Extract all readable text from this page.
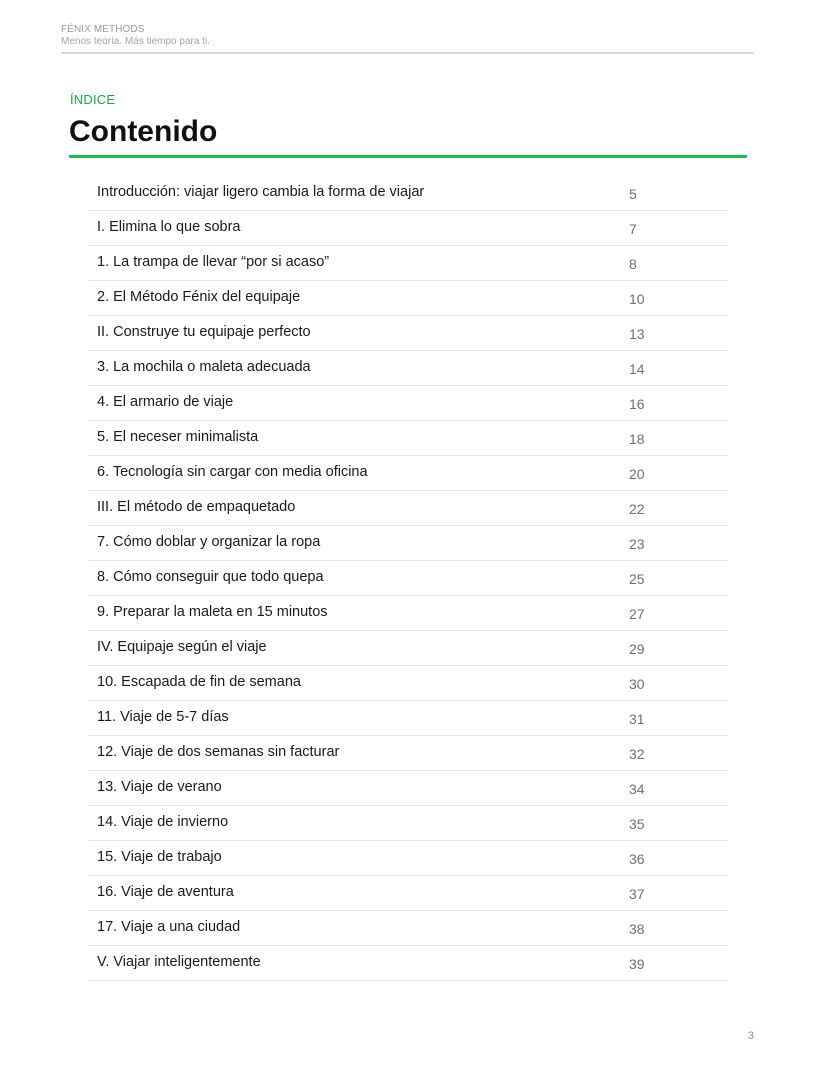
FÉNIX METHODS
Menos teoría. Más tiempo para ti.
ÍNDICE
Contenido
Introducción: viajar ligero cambia la forma de viajar	5
I. Elimina lo que sobra	7
1. La trampa de llevar “por si acaso”	8
2. El Método Fénix del equipaje	10
II. Construye tu equipaje perfecto	13
3. La mochila o maleta adecuada	14
4. El armario de viaje	16
5. El neceser minimalista	18
6. Tecnología sin cargar con media oficina	20
III. El método de empaquetado	22
7. Cómo doblar y organizar la ropa	23
8. Cómo conseguir que todo quepa	25
9. Preparar la maleta en 15 minutos	27
IV. Equipaje según el viaje	29
10. Escapada de fin de semana	30
11. Viaje de 5-7 días	31
12. Viaje de dos semanas sin facturar	32
13. Viaje de verano	34
14. Viaje de invierno	35
15. Viaje de trabajo	36
16. Viaje de aventura	37
17. Viaje a una ciudad	38
V. Viajar inteligentemente	39
3
